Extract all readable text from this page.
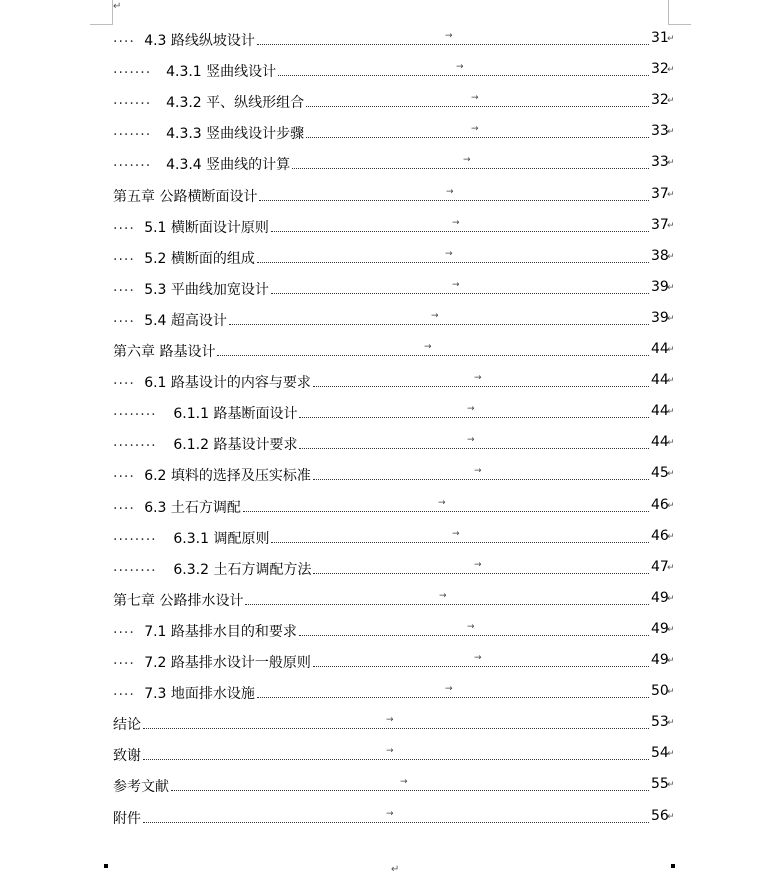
↵
···· 4.3 路线纵坡设计	→	31
↵
······· 4.3.1 竖曲线设计	→	32
↵
······· 4.3.2 平、纵线形组合	→	32
↵
······· 4.3.3 竖曲线设计步骤	→	33
↵
······· 4.3.4 竖曲线的计算	→	33
↵
第五章 公路横断面设计	→	37
↵
···· 5.1 横断面设计原则	→	37
↵
···· 5.2 横断面的组成	→	38
↵
···· 5.3 平曲线加宽设计	→	39
↵
···· 5.4 超高设计	→	39
↵
第六章 路基设计	→	44
↵
···· 6.1 路基设计的内容与要求	→	44
↵
········ 6.1.1 路基断面设计	→	44
↵
········ 6.1.2 路基设计要求	→	44
↵
···· 6.2 填料的选择及压实标准	→	45
↵
···· 6.3 土石方调配	→	46
↵
········ 6.3.1 调配原则	→	46
↵
········ 6.3.2 土石方调配方法	→	47
↵
第七章 公路排水设计	→	49
↵
···· 7.1 路基排水目的和要求	→	49
↵
···· 7.2 路基排水设计一般原则	→	49
↵
···· 7.3 地面排水设施	→	50
↵
结论	→	53
↵
致谢	→	54
↵
参考文献	→	55
↵
附件	→	56
↵
↵
